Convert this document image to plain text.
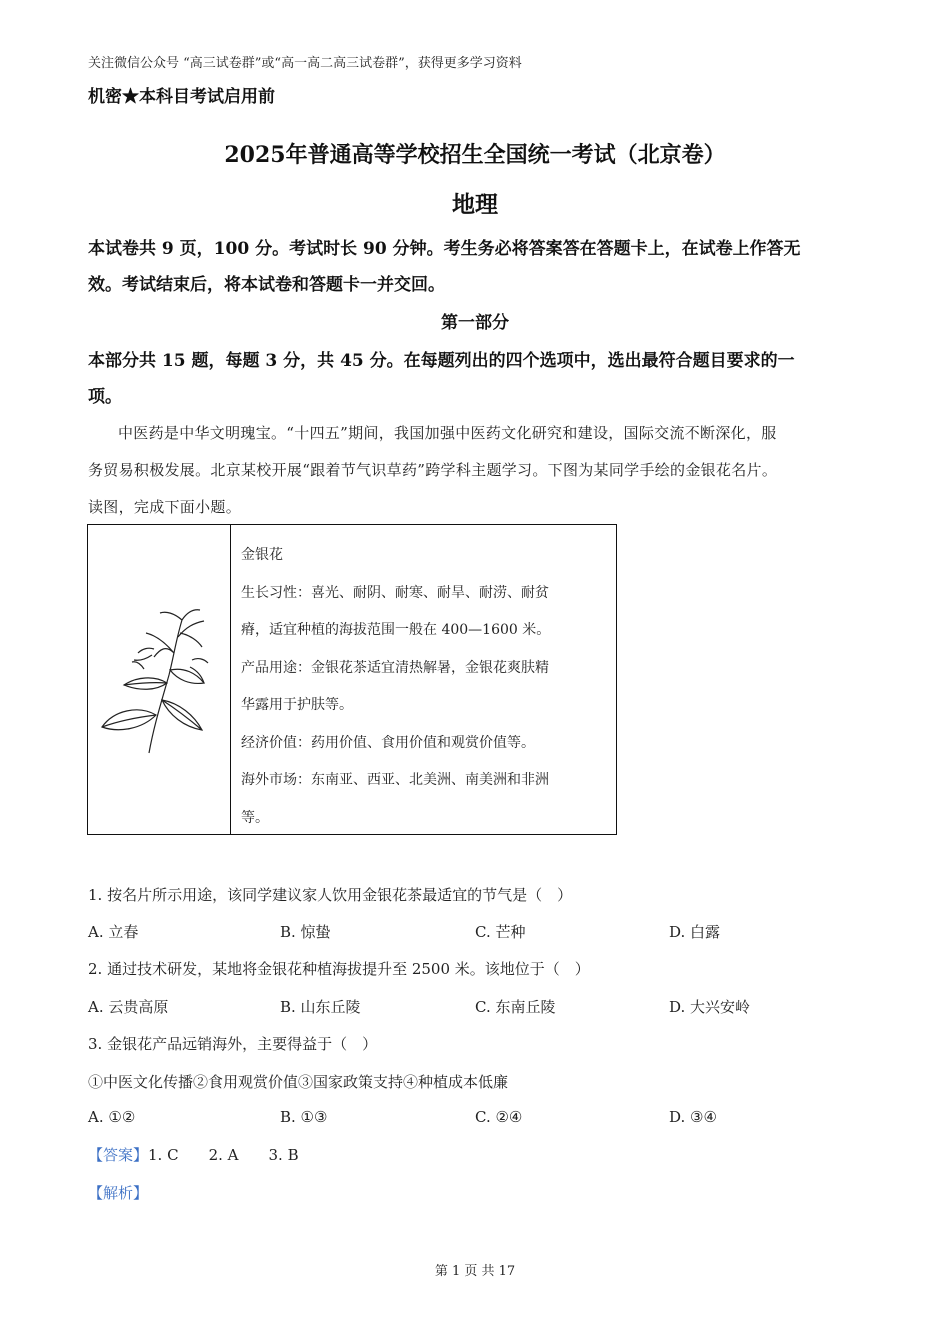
关注微信公众号 “高三试卷群”或“高一高二高三试卷群”，获得更多学习资料
机密★本科目考试启用前
2025年普通高等学校招生全国统一考试（北京卷）
地理
本试卷共 9 页，100 分。考试时长 90 分钟。考生务必将答案答在答题卡上，在试卷上作答无
效。考试结束后，将本试卷和答题卡一并交回。
第一部分
本部分共 15 题，每题 3 分，共 45 分。在每题列出的四个选项中，选出最符合题目要求的一
项。
中医药是中华文明瑰宝。“十四五”期间，我国加强中医药文化研究和建设，国际交流不断深化，服
务贸易积极发展。北京某校开展“跟着节气识草药”跨学科主题学习。下图为某同学手绘的金银花名片。
读图，完成下面小题。
金银花
生长习性：喜光、耐阴、耐寒、耐旱、耐涝、耐贫
瘠，适宜种植的海拔范围一般在 400—1600 米。
产品用途：金银花茶适宜清热解暑，金银花爽肤精
华露用于护肤等。
经济价值：药用价值、食用价值和观赏价值等。
海外市场：东南亚、西亚、北美洲、南美洲和非洲
等。
1. 按名片所示用途，该同学建议家人饮用金银花茶最适宜的节气是（　）
A. 立春	B. 惊蛰	C. 芒种	D. 白露
2. 通过技术研发，某地将金银花种植海拔提升至 2500 米。该地位于（　）
A. 云贵高原	B. 山东丘陵	C. 东南丘陵	D. 大兴安岭
3. 金银花产品远销海外，主要得益于（　）
①中医文化传播②食用观赏价值③国家政策支持④种植成本低廉
A. ①②	B. ①③	C. ②④	D. ③④
【答案】1. C 2. A 3. B
【解析】
第 1 页 共 17
